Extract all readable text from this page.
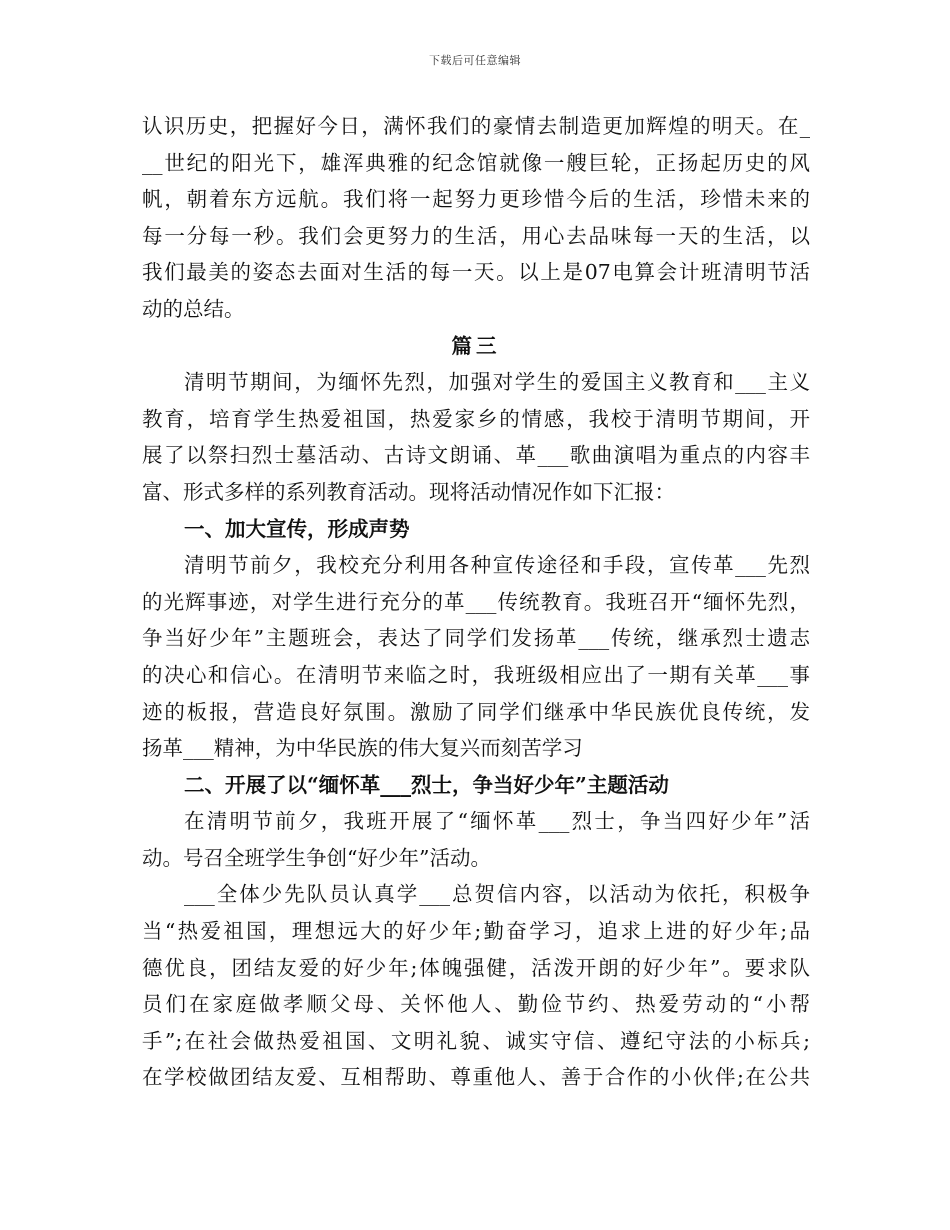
下载后可任意编辑
认识历史，把握好今日，满怀我们的豪情去制造更加辉煌的明天。在_
__世纪的阳光下，雄浑典雅的纪念馆就像一艘巨轮，正扬起历史的风
帆，朝着东方远航。我们将一起努力更珍惜今后的生活，珍惜未来的
每一分每一秒。我们会更努力的生活，用心去品味每一天的生活，以
我们最美的姿态去面对生活的每一天。以上是07电算会计班清明节活
动的总结。
篇三
清明节期间，为缅怀先烈，加强对学生的爱国主义教育和___主义
教育，培育学生热爱祖国，热爱家乡的情感，我校于清明节期间，开
展了以祭扫烈士墓活动、古诗文朗诵、革___歌曲演唱为重点的内容丰
富、形式多样的系列教育活动。现将活动情况作如下汇报：
一、加大宣传，形成声势
清明节前夕，我校充分利用各种宣传途径和手段，宣传革___先烈
的光辉事迹，对学生进行充分的革___传统教育。我班召开“缅怀先烈，
争当好少年”主题班会，表达了同学们发扬革___传统，继承烈士遗志
的决心和信心。在清明节来临之时，我班级相应出了一期有关革___事
迹的板报，营造良好氛围。激励了同学们继承中华民族优良传统，发
扬革___精神，为中华民族的伟大复兴而刻苦学习
二、开展了以“缅怀革___烈士，争当好少年”主题活动
在清明节前夕，我班开展了“缅怀革___烈士，争当四好少年”活
动。号召全班学生争创“好少年”活动。
___全体少先队员认真学___总贺信内容，以活动为依托，积极争
当“热爱祖国，理想远大的好少年;勤奋学习，追求上进的好少年;品
德优良，团结友爱的好少年;体魄强健，活泼开朗的好少年”。要求队
员们在家庭做孝顺父母、关怀他人、勤俭节约、热爱劳动的“小帮
手”;在社会做热爱祖国、文明礼貌、诚实守信、遵纪守法的小标兵;
在学校做团结友爱、互相帮助、尊重他人、善于合作的小伙伴;在公共
